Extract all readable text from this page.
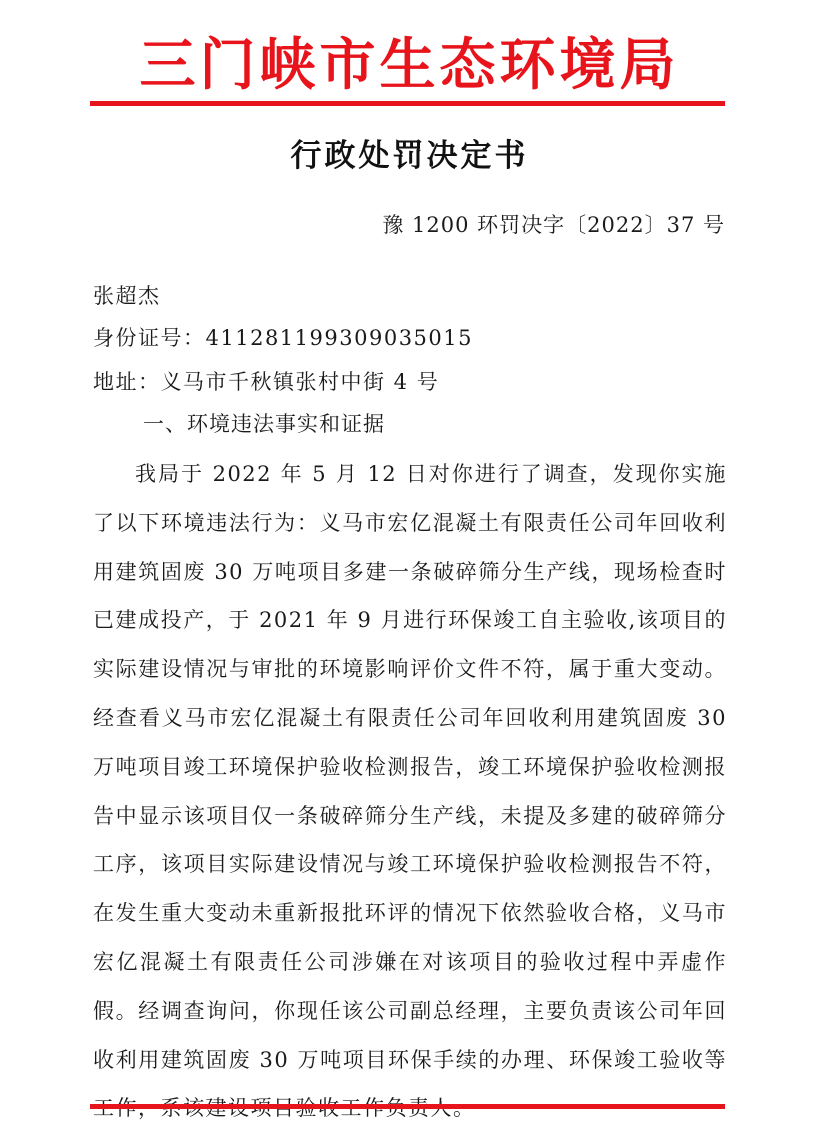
三门峡市生态环境局
行政处罚决定书
豫 1200 环罚决字〔2022〕37 号
张超杰
身份证号：411281199309035015
地址：义马市千秋镇张村中街 4 号
一、环境违法事实和证据

我局于 2022 年 5 月 12 日对你进行了调查，发现你实施了以下环境违法行为：义马市宏亿混凝土有限责任公司年回收利用建筑固废 30 万吨项目多建一条破碎筛分生产线，现场检查时已建成投产，于 2021 年 9 月进行环保竣工自主验收,该项目的实际建设情况与审批的环境影响评价文件不符，属于重大变动。经查看义马市宏亿混凝土有限责任公司年回收利用建筑固废 30 万吨项目竣工环境保护验收检测报告，竣工环境保护验收检测报告中显示该项目仅一条破碎筛分生产线，未提及多建的破碎筛分工序，该项目实际建设情况与竣工环境保护验收检测报告不符，在发生重大变动未重新报批环评的情况下依然验收合格，义马市宏亿混凝土有限责任公司涉嫌在对该项目的验收过程中弄虚作假。经调查询问，你现任该公司副总经理，主要负责该公司年回收利用建筑固废 30 万吨项目环保手续的办理、环保竣工验收等
